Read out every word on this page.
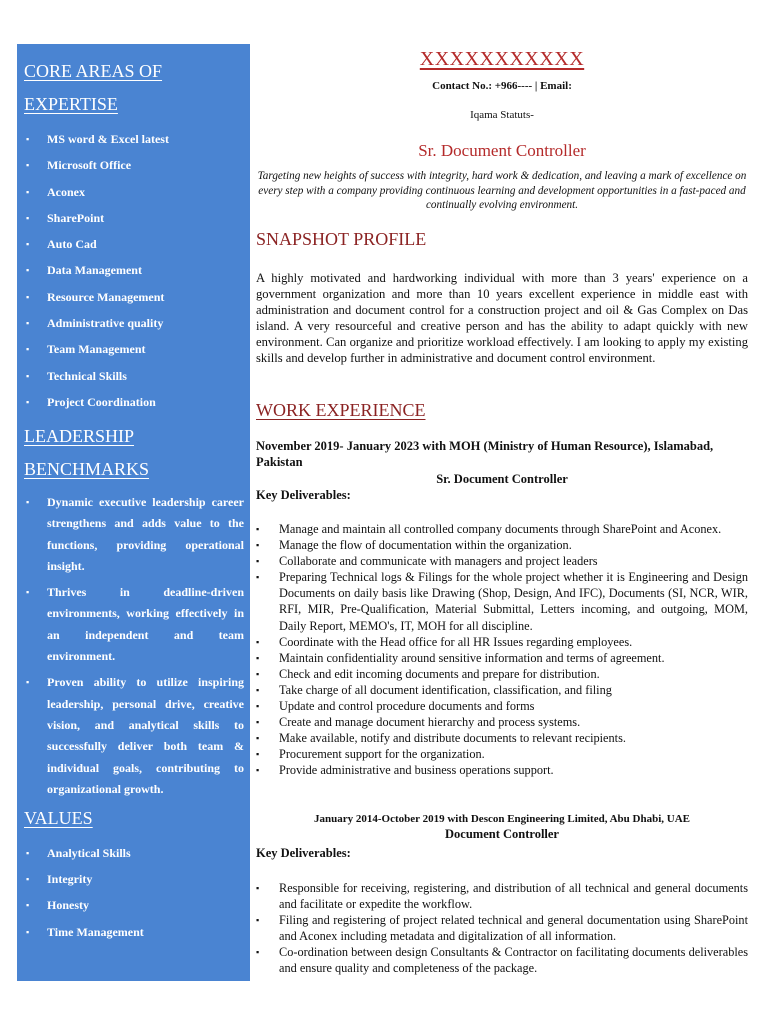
CORE AREAS OF
EXPERTISE
▪ MS word & Excel latest
▪ Microsoft Office
▪ Aconex
▪ SharePoint
▪ Auto Cad
▪ Data Management
▪ Resource Management
▪ Administrative quality
▪ Team Management
▪ Technical Skills
▪ Project Coordination
LEADERSHIP
BENCHMARKS
▪ Dynamic executive leadership career strengthens and adds value to the functions, providing operational insight.
▪ Thrives in deadline-driven environments, working effectively in an independent and team environment.
▪ Proven ability to utilize inspiring leadership, personal drive, creative vision, and analytical skills to successfully deliver both team & individual goals, contributing to organizational growth.
VALUES
▪ Analytical Skills
▪ Integrity
▪ Honesty
▪ Time Management
XXXXXXXXXXX
Contact No.: +966---- | Email:
Iqama Statuts-
Sr. Document Controller
Targeting new heights of success with integrity, hard work & dedication, and leaving a mark of excellence on every step with a company providing continuous learning and development opportunities in a fast-paced and continually evolving environment.
SNAPSHOT PROFILE

A highly motivated and hardworking individual with more than 3 years' experience on a government organization and more than 10 years excellent experience in middle east with administration and document control for a construction project and oil & Gas Complex on Das island. A very resourceful and creative person and has the ability to adapt quickly with new environment. Can organize and prioritize workload effectively. I am looking to apply my existing skills and develop further in administrative and document control environment.

WORK EXPERIENCE
November 2019- January 2023 with MOH (Ministry of Human Resource), Islamabad, Pakistan
Sr. Document Controller
Key Deliverables:
▪ Manage and maintain all controlled company documents through SharePoint and Aconex.
▪ Manage the flow of documentation within the organization.
▪ Collaborate and communicate with managers and project leaders
▪ Preparing Technical logs & Filings for the whole project whether it is Engineering and Design Documents on daily basis like Drawing (Shop, Design, And IFC), Documents (SI, NCR, WIR, RFI, MIR, Pre-Qualification, Material Submittal, Letters incoming, and outgoing, MOM, Daily Report, MEMO's, IT, MOH for all discipline.
▪ Coordinate with the Head office for all HR Issues regarding employees.
▪ Maintain confidentiality around sensitive information and terms of agreement.
▪ Check and edit incoming documents and prepare for distribution.
▪ Take charge of all document identification, classification, and filing
▪ Update and control procedure documents and forms
▪ Create and manage document hierarchy and process systems.
▪ Make available, notify and distribute documents to relevant recipients.
▪ Procurement support for the organization.
▪ Provide administrative and business operations support.
January 2014-October 2019 with Descon Engineering Limited, Abu Dhabi, UAE
Document Controller
Key Deliverables:
▪ Responsible for receiving, registering, and distribution of all technical and general documents and facilitate or expedite the workflow.
▪ Filing and registering of project related technical and general documentation using SharePoint and Aconex including metadata and digitalization of all information.
▪ Co-ordination between design Consultants & Contractor on facilitating documents deliverables and ensure quality and completeness of the package.
